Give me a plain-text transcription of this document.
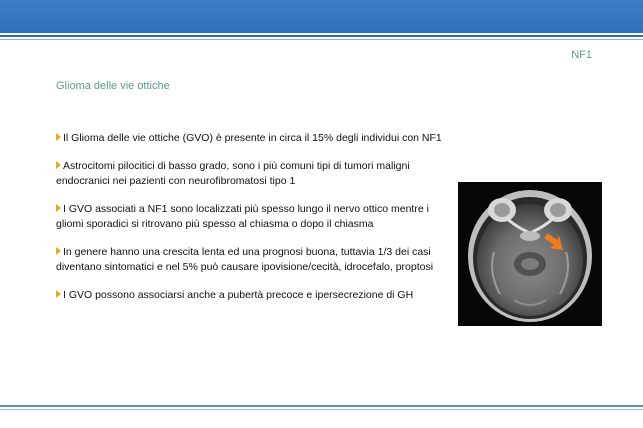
NF1
Glioma delle vie ottiche
Il Glioma delle vie ottiche (GVO) è presente in circa il 15% degli individui con NF1
Astrocitomi pilocitici di basso grado, sono i più comuni tipi di tumori maligni endocranici nei pazienti con neurofibromatosi tipo 1
I GVO associati a NF1 sono localizzati più spesso lungo il nervo ottico mentre i gliomi sporadici si ritrovano più spesso al chiasma o dopo il chiasma
In genere hanno una crescita lenta ed una prognosi buona, tuttavia 1/3 dei casi diventano sintomatici e nel 5% può causare ipovisione/cecità, idrocefalo, proptosi
I GVO possono associarsi anche a pubertà precoce e ipersecrezione di GH
